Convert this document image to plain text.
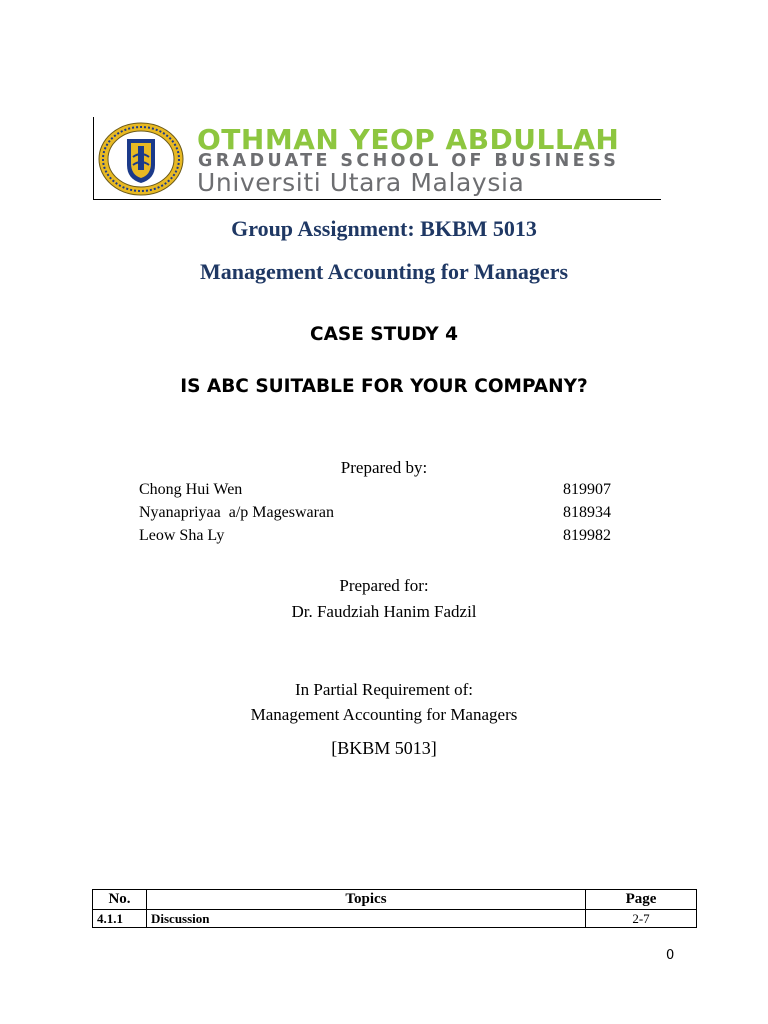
OTHMAN YEOP ABDULLAH
GRADUATE SCHOOL OF BUSINESS
Universiti Utara Malaysia
Group Assignment: BKBM 5013
Management Accounting for Managers
CASE STUDY 4
IS ABC SUITABLE FOR YOUR COMPANY?
Prepared by:
Chong Hui Wen	819907
Nyanapriyaa  a/p Mageswaran	818934
Leow Sha Ly	819982
Prepared for:
Dr. Faudziah Hanim Fadzil
In Partial Requirement of:
Management Accounting for Managers
[BKBM 5013]
No.	Topics	Page
4.1.1	Discussion	2-7
0
